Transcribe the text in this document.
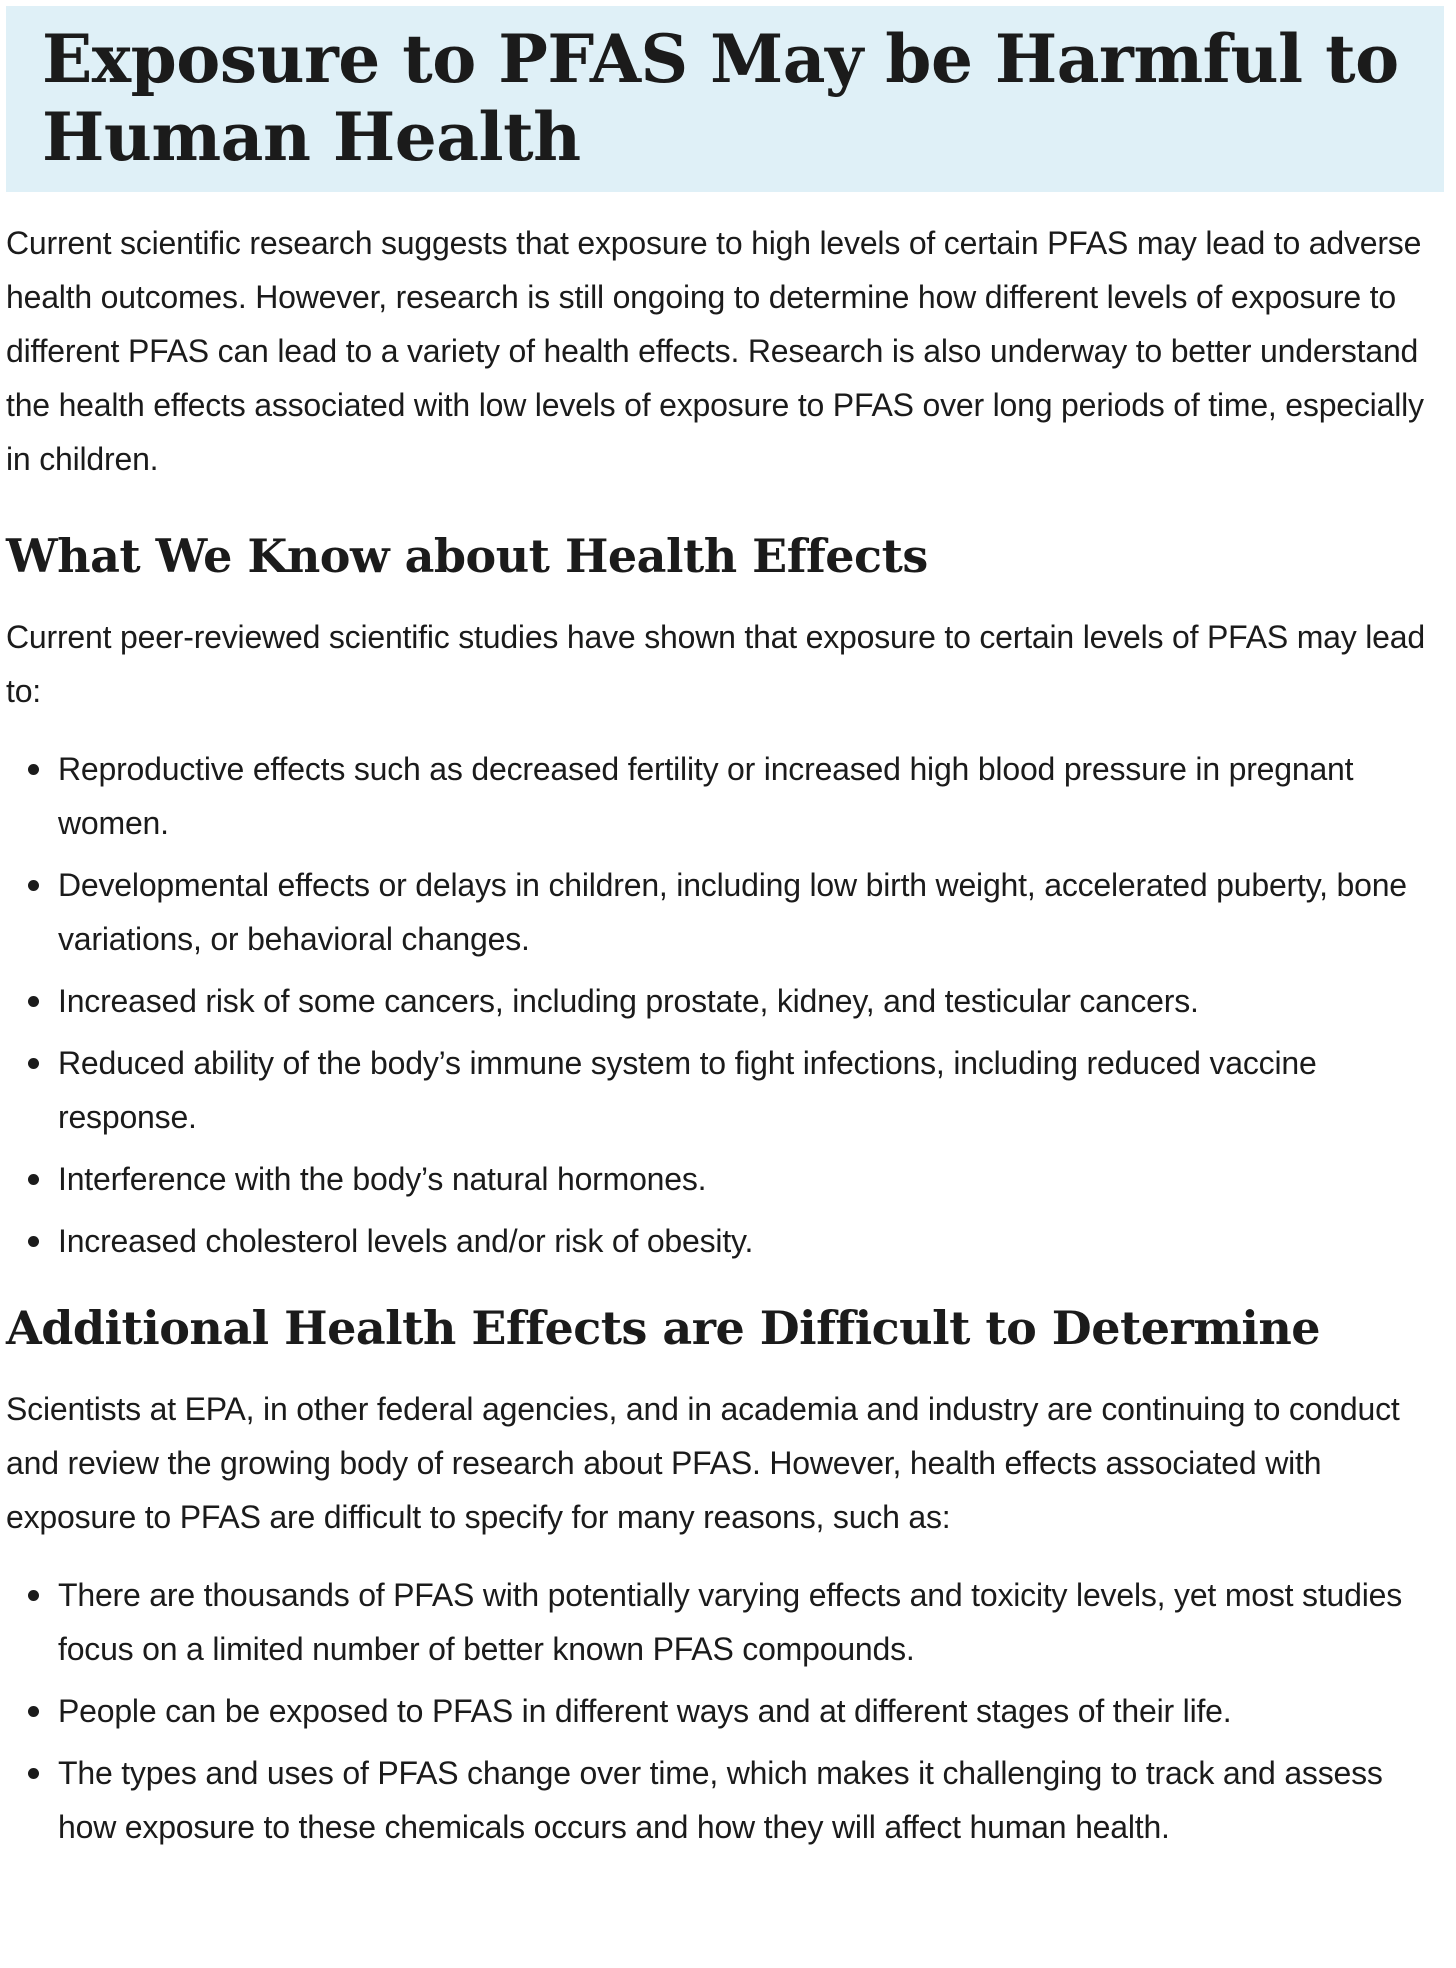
Exposure to PFAS May be Harmful to Human Health

Current scientific research suggests that exposure to high levels of certain PFAS may lead to adverse health outcomes. However, research is still ongoing to determine how different levels of exposure to different PFAS can lead to a variety of health effects. Research is also underway to better understand the health effects associated with low levels of exposure to PFAS over long periods of time, especially in children.

What We Know about Health Effects

Current peer-reviewed scientific studies have shown that exposure to certain levels of PFAS may lead to:

Reproductive effects such as decreased fertility or increased high blood pressure in pregnant women.
Developmental effects or delays in children, including low birth weight, accelerated puberty, bone variations, or behavioral changes.
Increased risk of some cancers, including prostate, kidney, and testicular cancers.
Reduced ability of the body’s immune system to fight infections, including reduced vaccine response.
Interference with the body’s natural hormones.
Increased cholesterol levels and/or risk of obesity.
Additional Health Effects are Difficult to Determine

Scientists at EPA, in other federal agencies, and in academia and industry are continuing to conduct and review the growing body of research about PFAS. However, health effects associated with exposure to PFAS are difficult to specify for many reasons, such as:

There are thousands of PFAS with potentially varying effects and toxicity levels, yet most studies focus on a limited number of better known PFAS compounds.
People can be exposed to PFAS in different ways and at different stages of their life.
The types and uses of PFAS change over time, which makes it challenging to track and assess how exposure to these chemicals occurs and how they will affect human health.
